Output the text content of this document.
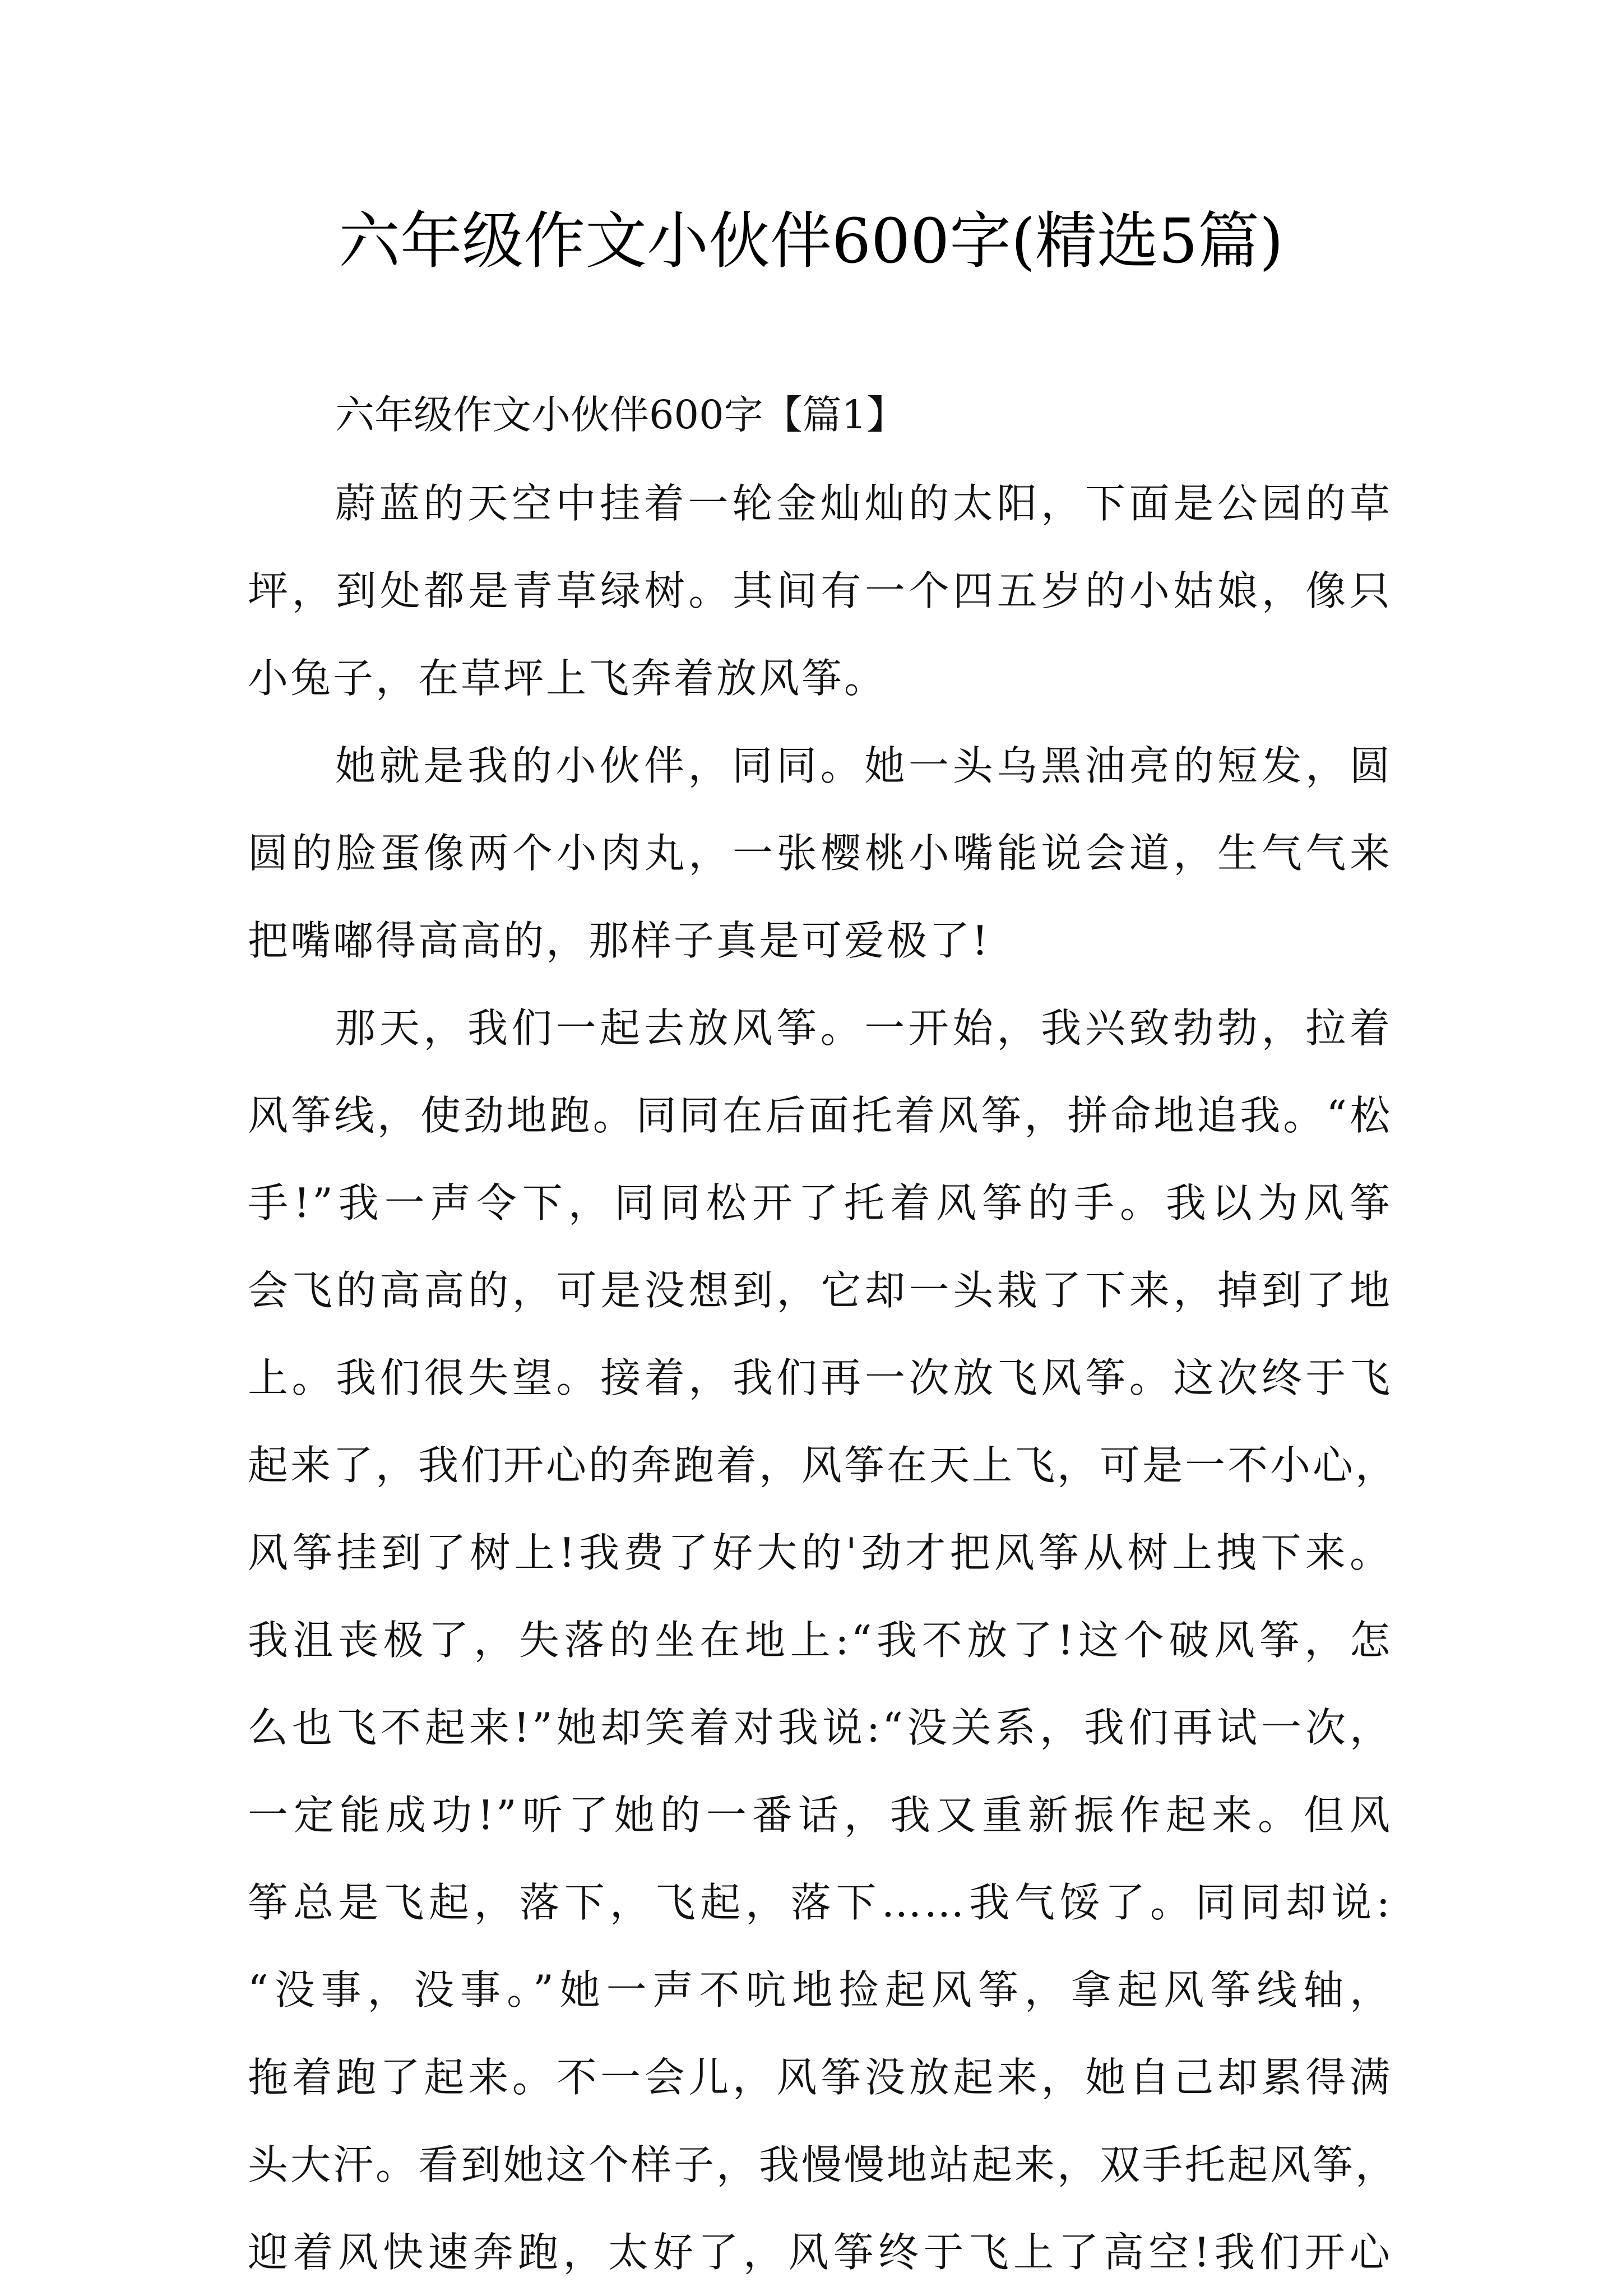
六年级作文小伙伴600字(精选5篇)
六年级作文小伙伴600字【篇1】
蔚蓝的天空中挂着一轮金灿灿的太阳，下面是公园的草
坪，到处都是青草绿树。其间有一个四五岁的小姑娘，像只
小兔子，在草坪上飞奔着放风筝。
她就是我的小伙伴，同同。她一头乌黑油亮的短发，圆
圆的脸蛋像两个小肉丸，一张樱桃小嘴能说会道，生气气来
把嘴嘟得高高的，那样子真是可爱极了!
那天，我们一起去放风筝。一开始，我兴致勃勃，拉着
风筝线，使劲地跑。同同在后面托着风筝，拼命地追我。“松
手!”我一声令下，同同松开了托着风筝的手。我以为风筝
会飞的高高的，可是没想到，它却一头栽了下来，掉到了地
上。我们很失望。接着，我们再一次放飞风筝。这次终于飞
起来了，我们开心的奔跑着，风筝在天上飞，可是一不小心，
风筝挂到了树上!我费了好大的'劲才把风筝从树上拽下来。
我沮丧极了，失落的坐在地上:“我不放了!这个破风筝，怎
么也飞不起来!”她却笑着对我说:“没关系，我们再试一次，
一定能成功!”听了她的一番话，我又重新振作起来。但风
筝总是飞起，落下，飞起，落下……我气馁了。同同却说:
“没事，没事。”她一声不吭地捡起风筝，拿起风筝线轴，
拖着跑了起来。不一会儿，风筝没放起来，她自己却累得满
头大汗。看到她这个样子，我慢慢地站起来，双手托起风筝，
迎着风快速奔跑，太好了，风筝终于飞上了高空!我们开心
